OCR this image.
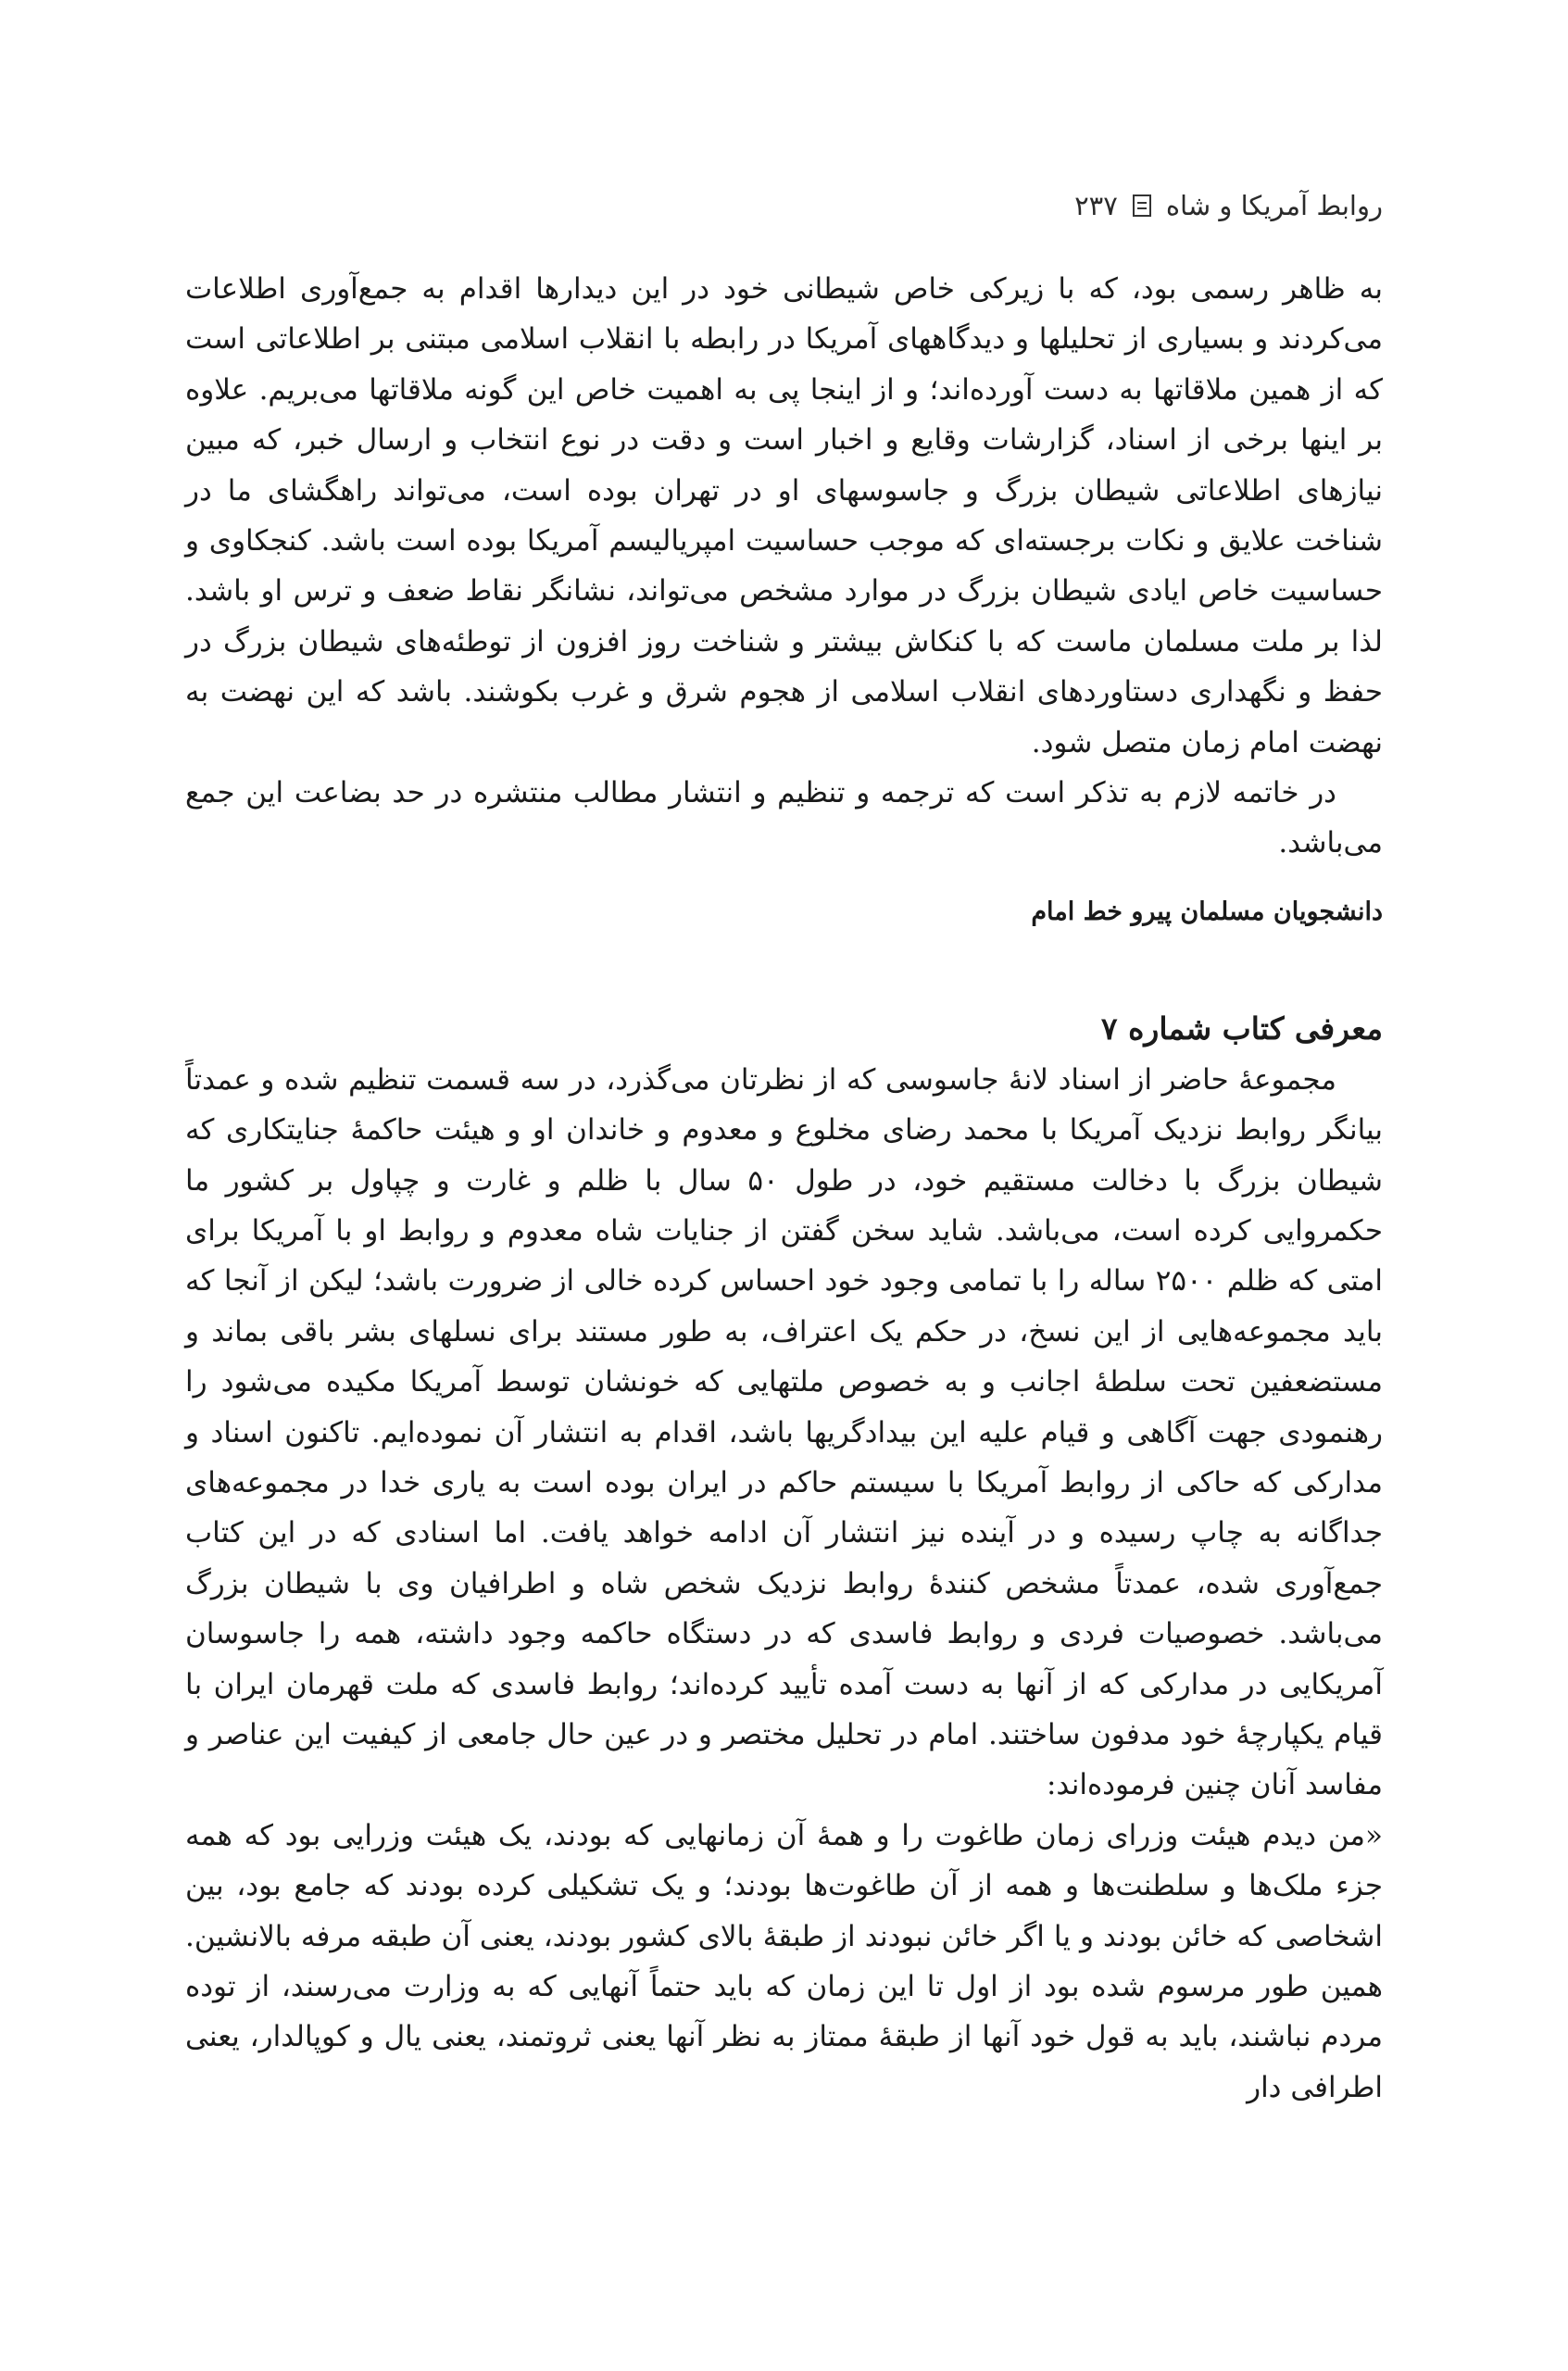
روابط آمریکا و شاه
۲۳۷

به ظاهر رسمی بود، که با زیرکی خاص شیطانی خود در این دیدارها اقدام به جمع‌آوری اطلاعات می‌کردند و بسیاری از تحلیلها و دیدگاههای آمریکا در رابطه با انقلاب اسلامی مبتنی بر اطلاعاتی است که از همین ملاقاتها به دست آورده‌اند؛ و از اینجا پی به اهمیت خاص این گونه ملاقاتها می‌بریم. علاوه بر اینها برخی از اسناد، گزارشات وقایع و اخبار است و دقت در نوع انتخاب و ارسال خبر، که مبین نیازهای اطلاعاتی شیطان بزرگ و جاسوسهای او در تهران بوده است، می‌تواند راهگشای ما در شناخت علایق و نکات برجسته‌ای که موجب حساسیت امپریالیسم آمریکا بوده است باشد. کنجکاوی و حساسیت خاص ایادی شیطان بزرگ در موارد مشخص می‌تواند، نشانگر نقاط ضعف و ترس او باشد. لذا بر ملت مسلمان ماست که با کنکاش بیشتر و شناخت روز افزون از توطئه‌های شیطان بزرگ در حفظ و نگهداری دستاوردهای انقلاب اسلامی از هجوم شرق و غرب بکوشند. باشد که این نهضت به نهضت امام زمان متصل شود.

در خاتمه لازم به تذکر است که ترجمه و تنظیم و انتشار مطالب منتشره در حد بضاعت این جمع می‌باشد.

دانشجویان مسلمان پیرو خط امام

معرفی کتاب شماره ۷

مجموعهٔ حاضر از اسناد لانهٔ جاسوسی که از نظرتان می‌گذرد، در سه قسمت تنظیم شده و عمدتاً بیانگر روابط نزدیک آمریکا با محمد رضای مخلوع و معدوم و خاندان او و هیئت حاکمهٔ جنایتکاری که شیطان بزرگ با دخالت مستقیم خود، در طول ۵۰ سال با ظلم و غارت و چپاول بر کشور ما حکمروایی کرده است، می‌باشد. شاید سخن گفتن از جنایات شاه معدوم و روابط او با آمریکا برای امتی که ظلم ۲۵۰۰ ساله را با تمامی وجود خود احساس کرده خالی از ضرورت باشد؛ لیکن از آنجا که باید مجموعه‌هایی از این نسخ، در حکم یک اعتراف، به طور مستند برای نسلهای بشر باقی بماند و مستضعفین تحت سلطهٔ اجانب و به خصوص ملتهایی که خونشان توسط آمریکا مکیده می‌شود را رهنمودی جهت آگاهی و قیام علیه این بیدادگریها باشد، اقدام به انتشار آن نموده‌ایم. تاکنون اسناد و مدارکی که حاکی از روابط آمریکا با سیستم حاکم در ایران بوده است به یاری خدا در مجموعه‌های جداگانه به چاپ رسیده و در آینده نیز انتشار آن ادامه خواهد یافت. اما اسنادی که در این کتاب جمع‌آوری شده، عمدتاً مشخص کنندهٔ روابط نزدیک شخص شاه و اطرافیان وی با شیطان بزرگ می‌باشد. خصوصیات فردی و روابط فاسدی که در دستگاه حاکمه وجود داشته، همه را جاسوسان آمریکایی در مدارکی که از آنها به دست آمده تأیید کرده‌اند؛ روابط فاسدی که ملت قهرمان ایران با قیام یکپارچهٔ خود مدفون ساختند. امام در تحلیل مختصر و در عین حال جامعی از کیفیت این عناصر و مفاسد آنان چنین فرموده‌اند:

«من دیدم هیئت وزرای زمان طاغوت را و همهٔ آن زمانهایی که بودند، یک هیئت وزرایی بود که همه جزء ملک‌ها و سلطنت‌ها و همه از آن طاغوت‌ها بودند؛ و یک تشکیلی کرده بودند که جامع بود، بین اشخاصی که خائن بودند و یا اگر خائن نبودند از طبقهٔ بالای کشور بودند، یعنی آن طبقه مرفه بالانشین. همین طور مرسوم شده بود از اول تا این زمان که باید حتماً آنهایی که به وزارت می‌رسند، از توده مردم نباشند، باید به قول خود آنها از طبقهٔ ممتاز به نظر آنها یعنی ثروتمند، یعنی یال و کوپالدار، یعنی اطرافی دار
